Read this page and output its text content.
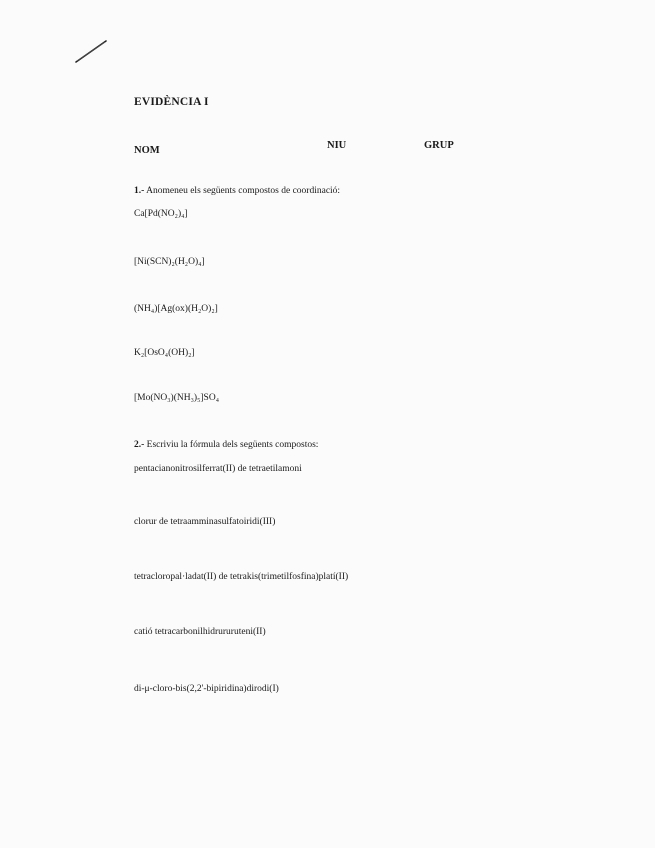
EVIDÈNCIA I
NOM	NIU	GRUP
1.- Anomeneu els següents compostos de coordinació:
Ca[Pd(NO₂)₄]
[Ni(SCN)₂(H₂O)₄]
(NH₄)[Ag(ox)(H₂O)₂]
K₂[OsO₄(OH)₂]
[Mo(NO₃)(NH₃)₅]SO₄
2.- Escriviu la fórmula dels següents compostos:
pentacianonitrosilferrat(II) de tetraetilamoni
clorur de tetraamminasulfatoiridi(III)
tetracloropal·ladat(II) de tetrakis(trimetilfosfina)platí(II)
catió tetracarbonilhidrururuteni(II)
di-μ-cloro-bis(2,2'-bipiridina)dirodi(I)
